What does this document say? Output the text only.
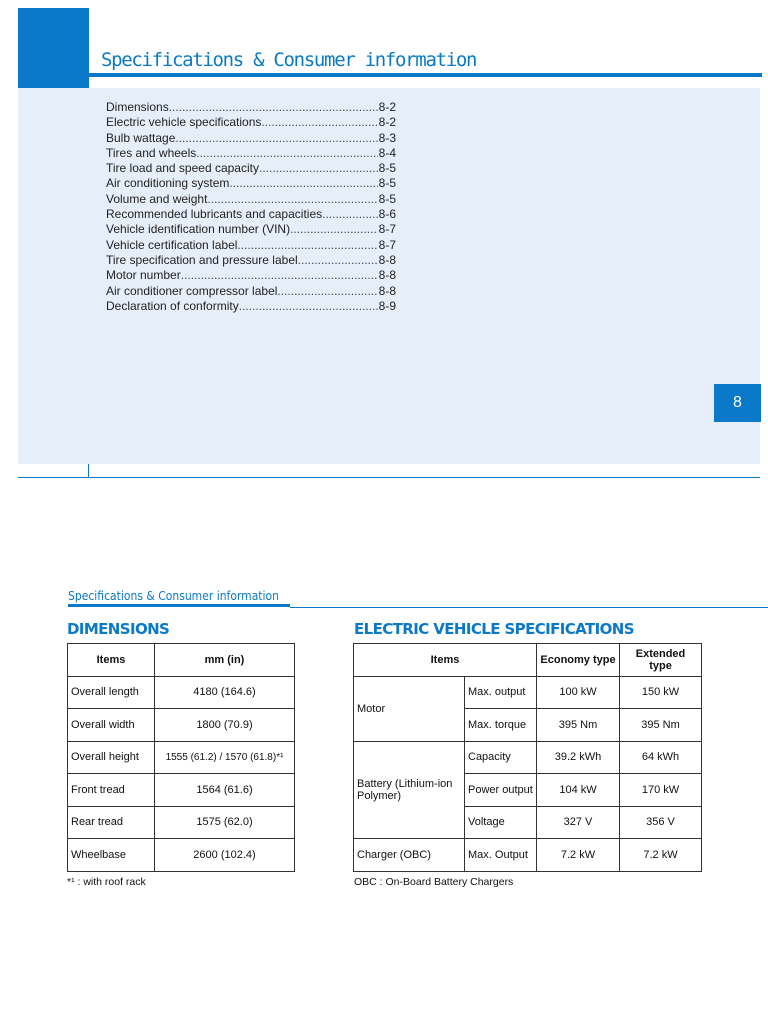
Specifications & Consumer information
Dimensions .....	8-2
Electric vehicle specifications .....	8-2
Bulb wattage .....	8-3
Tires and wheels .....	8-4
Tire load and speed capacity .....	8-5
Air conditioning system .....	8-5
Volume and weight .....	8-5
Recommended lubricants and capacities .....	8-6
Vehicle identification number (VIN) .....	8-7
Vehicle certification label .....	8-7
Tire specification and pressure label .....	8-8
Motor number .....	8-8
Air conditioner compressor label .....	8-8
Declaration of conformity .....	8-9
8
Specifications & Consumer information
DIMENSIONS
Items	mm (in)
Overall length	4180 (164.6)
Overall width	1800 (70.9)
Overall height	1555 (61.2) / 1570 (61.8)*¹
Front tread	1564 (61.6)
Rear tread	1575 (62.0)
Wheelbase	2600 (102.4)
*¹ : with roof rack
ELECTRIC VEHICLE SPECIFICATIONS
Items		Economy type	Extended type
Motor	Max. output	100 kW	150 kW
	Max. torque	395 Nm	395 Nm
Battery (Lithium-ion Polymer)	Capacity	39.2 kWh	64 kWh
	Power output	104 kW	170 kW
	Voltage	327 V	356 V
Charger (OBC)	Max. Output	7.2 kW	7.2 kW
OBC : On-Board Battery Chargers
